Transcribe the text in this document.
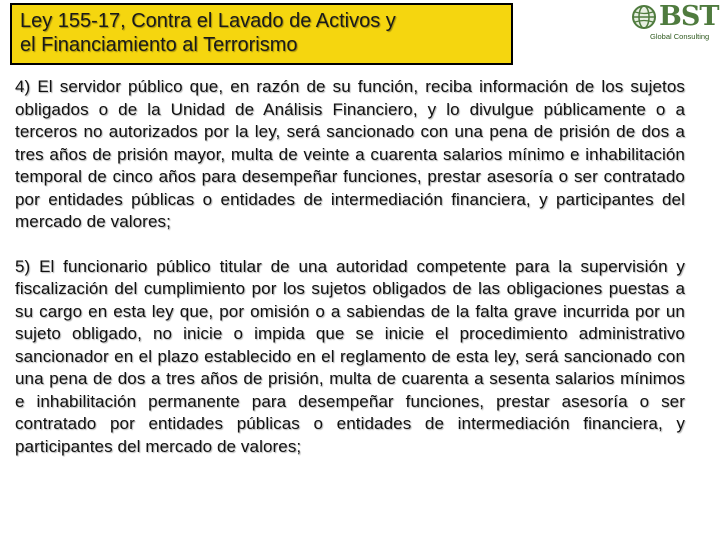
Ley 155-17, Contra el Lavado de Activos y
el Financiamiento al Terrorismo
BST
Global Consulting

4) El servidor público que, en razón de su función, reciba información de los sujetos obligados o de la Unidad de Análisis Financiero, y lo divulgue públicamente o a terceros no autorizados por la ley, será sancionado con una pena de prisión de dos a tres años de prisión mayor, multa de veinte a cuarenta salarios mínimo e inhabilitación temporal de cinco años para desempeñar funciones, prestar asesoría o ser contratado por entidades públicas o entidades de intermediación financiera, y participantes del mercado de valores;

5) El funcionario público titular de una autoridad competente para la supervisión y fiscalización del cumplimiento por los sujetos obligados de las obligaciones puestas a su cargo en esta ley que, por omisión o a sabiendas de la falta grave incurrida por un sujeto obligado, no inicie o impida que se inicie el procedimiento administrativo sancionador en el plazo establecido en el reglamento de esta ley, será sancionado con una pena de dos a tres años de prisión, multa de cuarenta a sesenta salarios mínimos e inhabilitación permanente para desempeñar funciones, prestar asesoría o ser contratado por entidades públicas o entidades de intermediación financiera, y participantes del mercado de valores;
